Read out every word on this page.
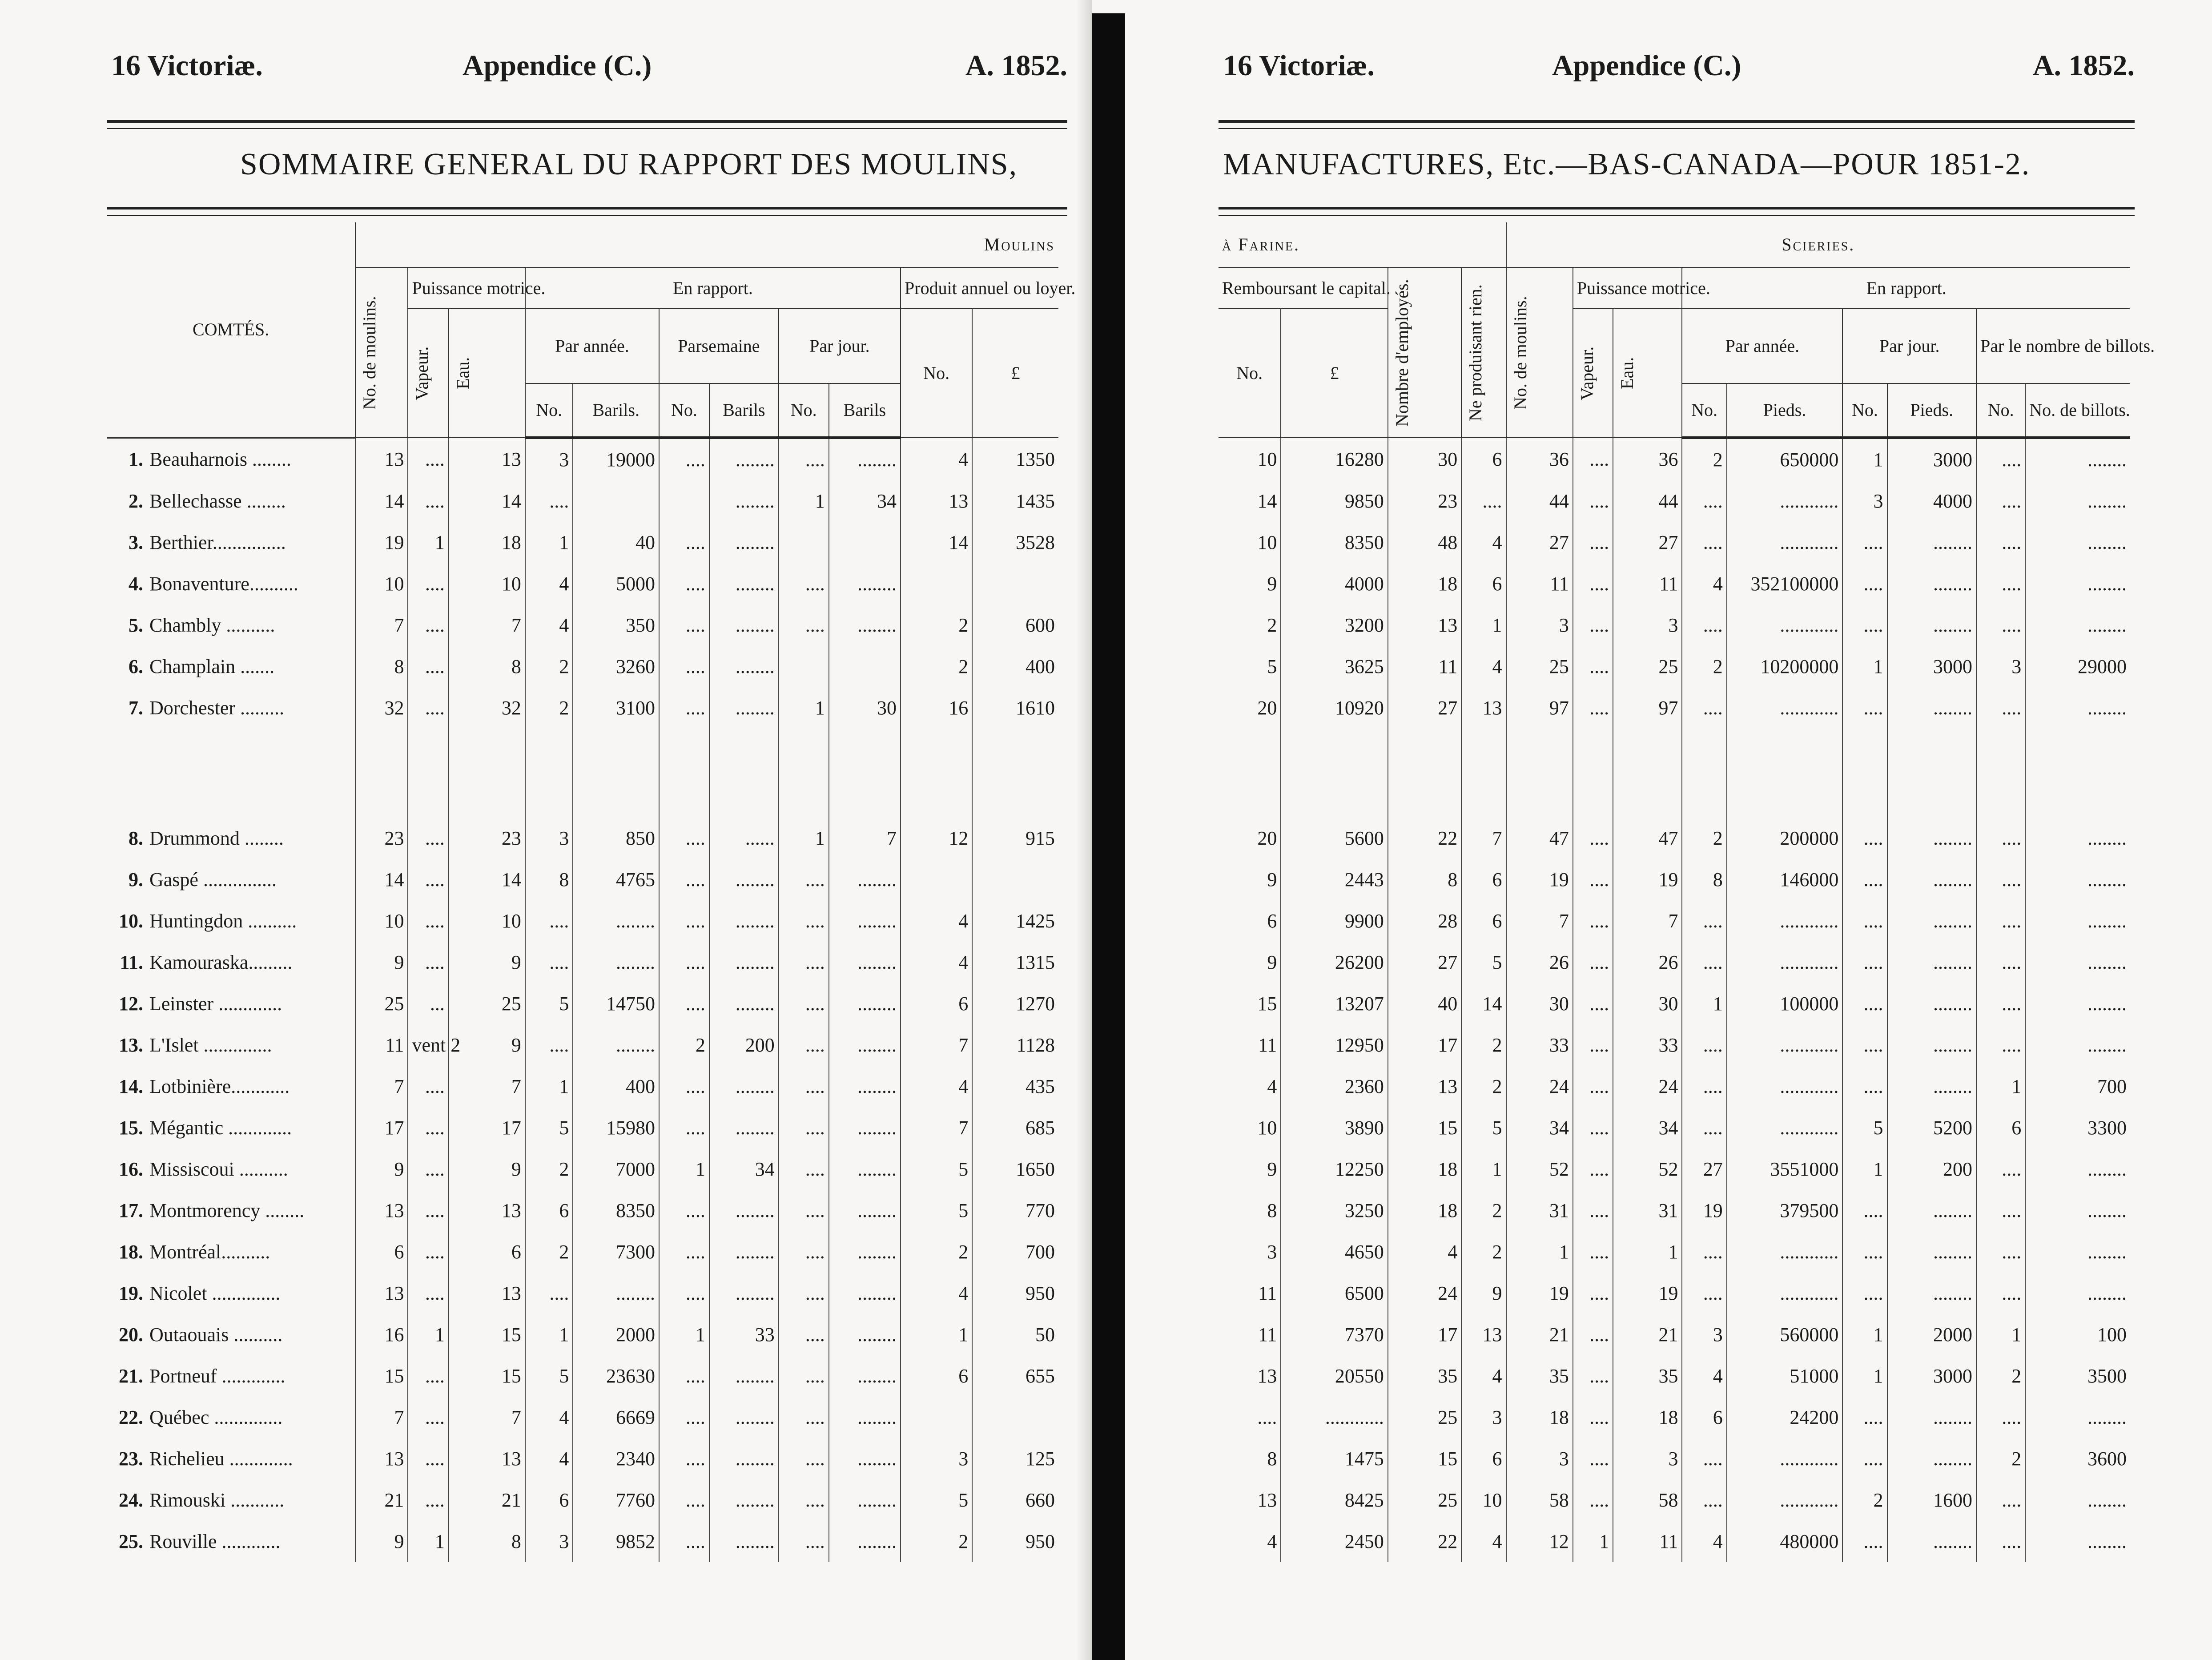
16 Victoriæ.	Appendice (C.)	A. 1852.
SOMMAIRE GENERAL DU RAPPORT DES MOULINS,
COMTÉS.	Moulins										

	No. de moulins.	Puissance motrice.		En rapport.						Produit annuel ou loyer.	

		Vapeur.	Eau.	Par année.		Parsemaine		Par jour.		No.	£
				No.	Barils.	No.	Barils	No.	Barils		
1. Beauharnois ........	13	....	13	3	19000	....	........	....	........	4	1350
2. Bellechasse ........	14	....	14	....			........	1	34	13	1435
3. Berthier...............	19	1	18	1	40	....	........			14	3528
4. Bonaventure..........	10	....	10	4	5000	....	........	....	........		
5. Chambly ..........	7	....	7	4	350	....	........	....	........	2	600
6. Champlain .......	8	....	8	2	3260	....	........			2	400
7. Dorchester .........	32	....	32	2	3100	....	........	1	30	16	1610

8. Drummond ........	23	....	23	3	850	....	......	1	7	12	915
9. Gaspé ...............	14	....	14	8	4765	....	........	....	........		
10. Huntingdon ..........	10	....	10	....	........	....	........	....	........	4	1425
11. Kamouraska.........	9	....	9	....	........	....	........	....	........	4	1315
12. Leinster .............	25	...	25	5	14750	....	........	....	........	6	1270
13. L'Islet ..............	11	vent 2	9	....	........	2	200	....	........	7	1128
14. Lotbinière............	7	....	7	1	400	....	........	....	........	4	435
15. Mégantic .............	17	....	17	5	15980	....	........	....	........	7	685
16. Missiscoui ..........	9	....	9	2	7000	1	34	....	........	5	1650
17. Montmorency ........	13	....	13	6	8350	....	........	....	........	5	770
18. Montréal..........	6	....	6	2	7300	....	........	....	........	2	700
19. Nicolet ..............	13	....	13	....	........	....	........	....	........	4	950
20. Outaouais ..........	16	1	15	1	2000	1	33	....	........	1	50
21. Portneuf .............	15	....	15	5	23630	....	........	....	........	6	655
22. Québec ..............	7	....	7	4	6669	....	........	....	........		
23. Richelieu .............	13	....	13	4	2340	....	........	....	........	3	125
24. Rimouski ...........	21	....	21	6	7760	....	........	....	........	5	660
25. Rouville ............	9	1	8	3	9852	....	........	....	........	2	950
16 Victoriæ.	Appendice (C.)	A. 1852.
MANUFACTURES, Etc.—BAS-CANADA—POUR 1851-2.
à Farine.				Scieries.								
Remboursant le capital.		Nombre d'employés.	Ne produisant rien.	No. de moulins.	Puissance motrice.		En rapport.					
No.	£				Vapeur.	Eau.	Par année.		Par jour.		Par le nombre de billots.	
							No.	Pieds.	No.	Pieds.	No.	No. de billots.
10	16280	30	6	36	....	36	2	650000	1	3000	....	........
14	9850	23	....	44	....	44	....	............	3	4000	....	........
10	8350	48	4	27	....	27	....	............	....	........	....	........
9	4000	18	6	11	....	11	4	352100000	....	........	....	........
2	3200	13	1	3	....	3	....	............	....	........	....	........
5	3625	11	4	25	....	25	2	10200000	1	3000	3	29000
20	10920	27	13	97	....	97	....	............	....	........	....	........

20	5600	22	7	47	....	47	2	200000	....	........	....	........
9	2443	8	6	19	....	19	8	146000	....	........	....	........
6	9900	28	6	7	....	7	....	............	....	........	....	........
9	26200	27	5	26	....	26	....	............	....	........	....	........
15	13207	40	14	30	....	30	1	100000	....	........	....	........
11	12950	17	2	33	....	33	....	............	....	........	....	........
4	2360	13	2	24	....	24	....	............	....	........	1	700
10	3890	15	5	34	....	34	....	............	5	5200	6	3300
9	12250	18	1	52	....	52	27	3551000	1	200	....	........
8	3250	18	2	31	....	31	19	379500	....	........	....	........
3	4650	4	2	1	....	1	....	............	....	........	....	........
11	6500	24	9	19	....	19	....	............	....	........	....	........
11	7370	17	13	21	....	21	3	560000	1	2000	1	100
13	20550	35	4	35	....	35	4	51000	1	3000	2	3500
....	............	25	3	18	....	18	6	24200	....	........	....	........
8	1475	15	6	3	....	3	....	............	....	........	2	3600
13	8425	25	10	58	....	58	....	............	2	1600	....	........
4	2450	22	4	12	1	11	4	480000	....	........	....	........
